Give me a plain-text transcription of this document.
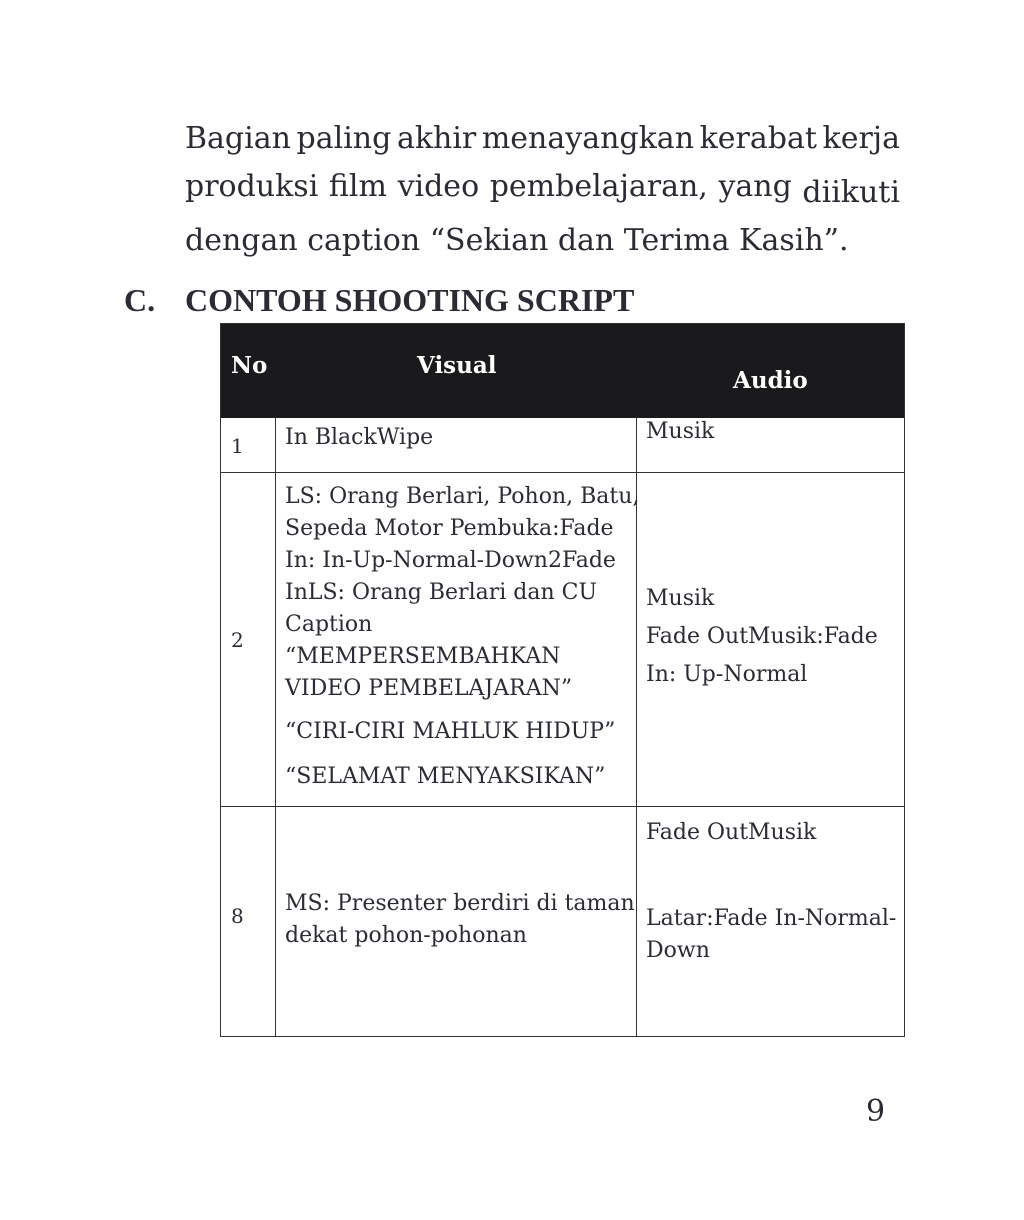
Bagian paling akhir menayangkan kerabat kerja
produksi film video pembelajaran, yang diikuti
dengan caption “Sekian dan Terima Kasih”.
C. CONTOH SHOOTING SCRIPT
No	Visual
Audio
1 In BlackWipe	Musik
2
LS: Orang Berlari, Pohon, Batu,
Sepeda Motor Pembuka:Fade
In: In-Up-Normal-Down2Fade
InLS: Orang Berlari dan CU
Caption
“MEMPERSEMBAHKAN
VIDEO PEMBELAJARAN”
“CIRI-CIRI MAHLUK HIDUP”
“SELAMAT MENYAKSIKAN”
Musik
Fade OutMusik:Fade
In: Up-Normal
8 MS: Presenter berdiri di taman
dekat pohon-pohonan
Fade OutMusik
Latar:Fade In-Normal-
Down
9
